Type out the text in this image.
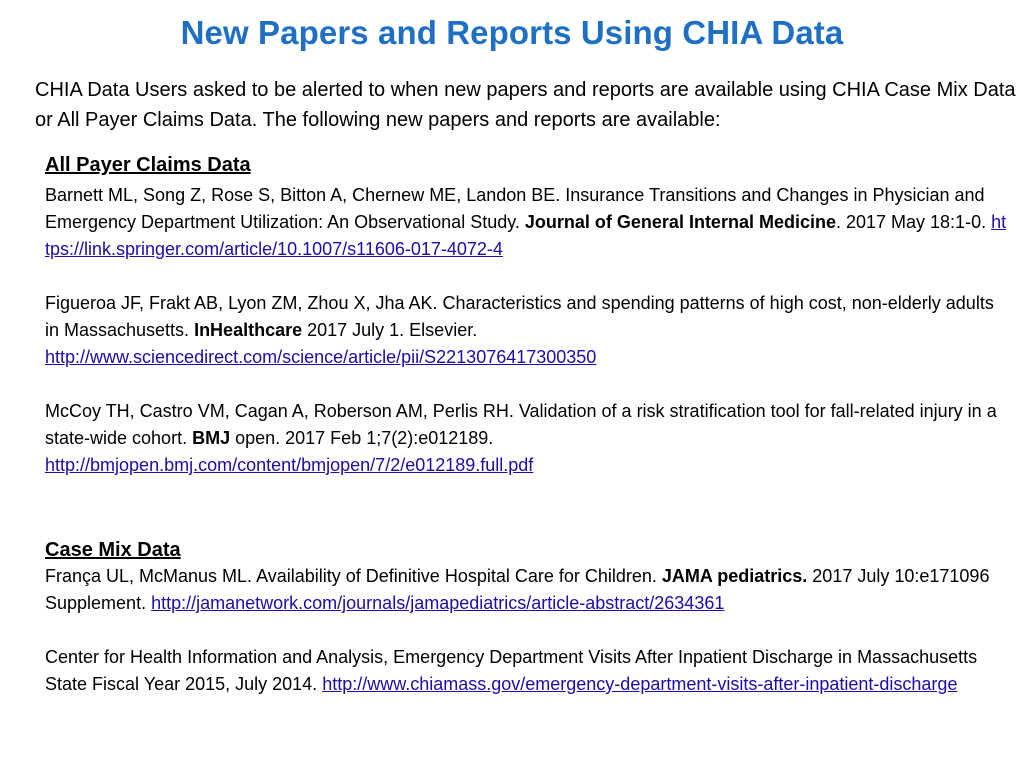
New Papers and Reports Using CHIA Data
CHIA Data Users asked to be alerted to when new papers and reports are available using CHIA Case Mix Data or All Payer Claims Data. The following new papers and reports are available:
All Payer Claims Data
Barnett ML, Song Z, Rose S, Bitton A, Chernew ME, Landon BE. Insurance Transitions and Changes in Physician and Emergency Department Utilization: An Observational Study. Journal of General Internal Medicine. 2017 May 18:1-0. https://link.springer.com/article/10.1007/s11606-017-4072-4
Figueroa JF, Frakt AB, Lyon ZM, Zhou X, Jha AK. Characteristics and spending patterns of high cost, non-elderly adults in Massachusetts. InHealthcare 2017 July 1. Elsevier.
http://www.sciencedirect.com/science/article/pii/S2213076417300350
McCoy TH, Castro VM, Cagan A, Roberson AM, Perlis RH. Validation of a risk stratification tool for fall-related injury in a state-wide cohort. BMJ open. 2017 Feb 1;7(2):e012189.
http://bmjopen.bmj.com/content/bmjopen/7/2/e012189.full.pdf
Case Mix Data
França UL, McManus ML. Availability of Definitive Hospital Care for Children. JAMA pediatrics. 2017 July 10:e171096 Supplement. http://jamanetwork.com/journals/jamapediatrics/article-abstract/2634361
Center for Health Information and Analysis, Emergency Department Visits After Inpatient Discharge in Massachusetts State Fiscal Year 2015, July 2014. http://www.chiamass.gov/emergency-department-visits-after-inpatient-discharge
